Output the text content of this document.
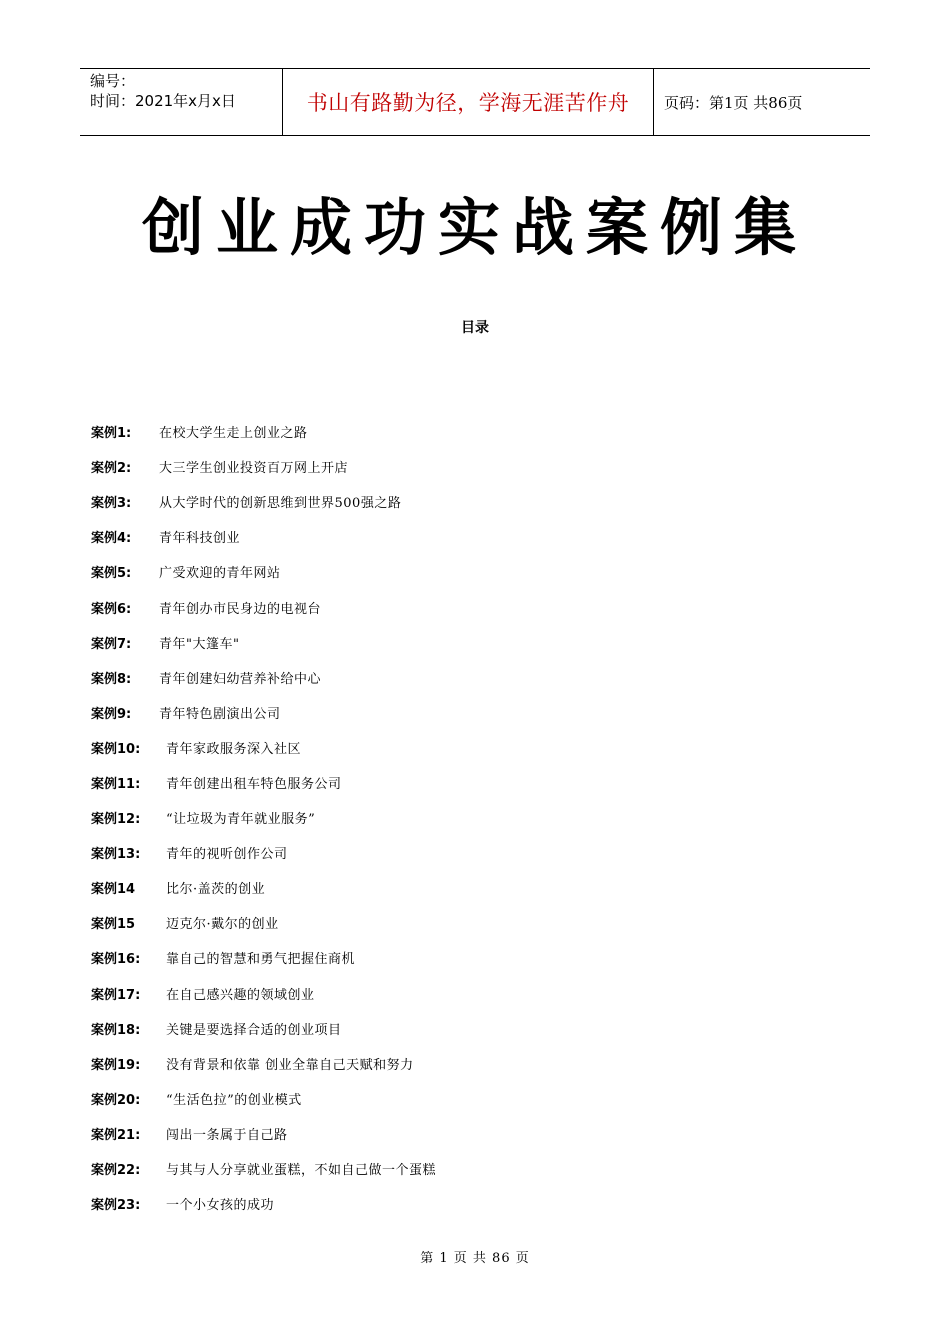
编号：
时间：2021年x月x日	书山有路勤为径，学海无涯苦作舟	页码：第1页 共86页
创业成功实战案例集
目录
案例1:	在校大学生走上创业之路
案例2:	大三学生创业投资百万网上开店
案例3:	从大学时代的创新思维到世界500强之路
案例4:	青年科技创业
案例5:	广受欢迎的青年网站
案例6:	青年创办市民身边的电视台
案例7:	青年"大篷车"
案例8:	青年创建妇幼营养补给中心
案例9:	青年特色剧演出公司
案例10:	青年家政服务深入社区
案例11:	青年创建出租车特色服务公司
案例12:	“让垃圾为青年就业服务”
案例13:	青年的视听创作公司
案例14	比尔·盖茨的创业
案例15	迈克尔·戴尔的创业
案例16:	靠自己的智慧和勇气把握住商机
案例17:	在自己感兴趣的领域创业
案例18:	关键是要选择合适的创业项目
案例19:	没有背景和依靠 创业全靠自己天赋和努力
案例20:	“生活色拉”的创业模式
案例21:	闯出一条属于自己路
案例22:	与其与人分享就业蛋糕，不如自己做一个蛋糕
案例23:	一个小女孩的成功
第 1 页 共 86 页
